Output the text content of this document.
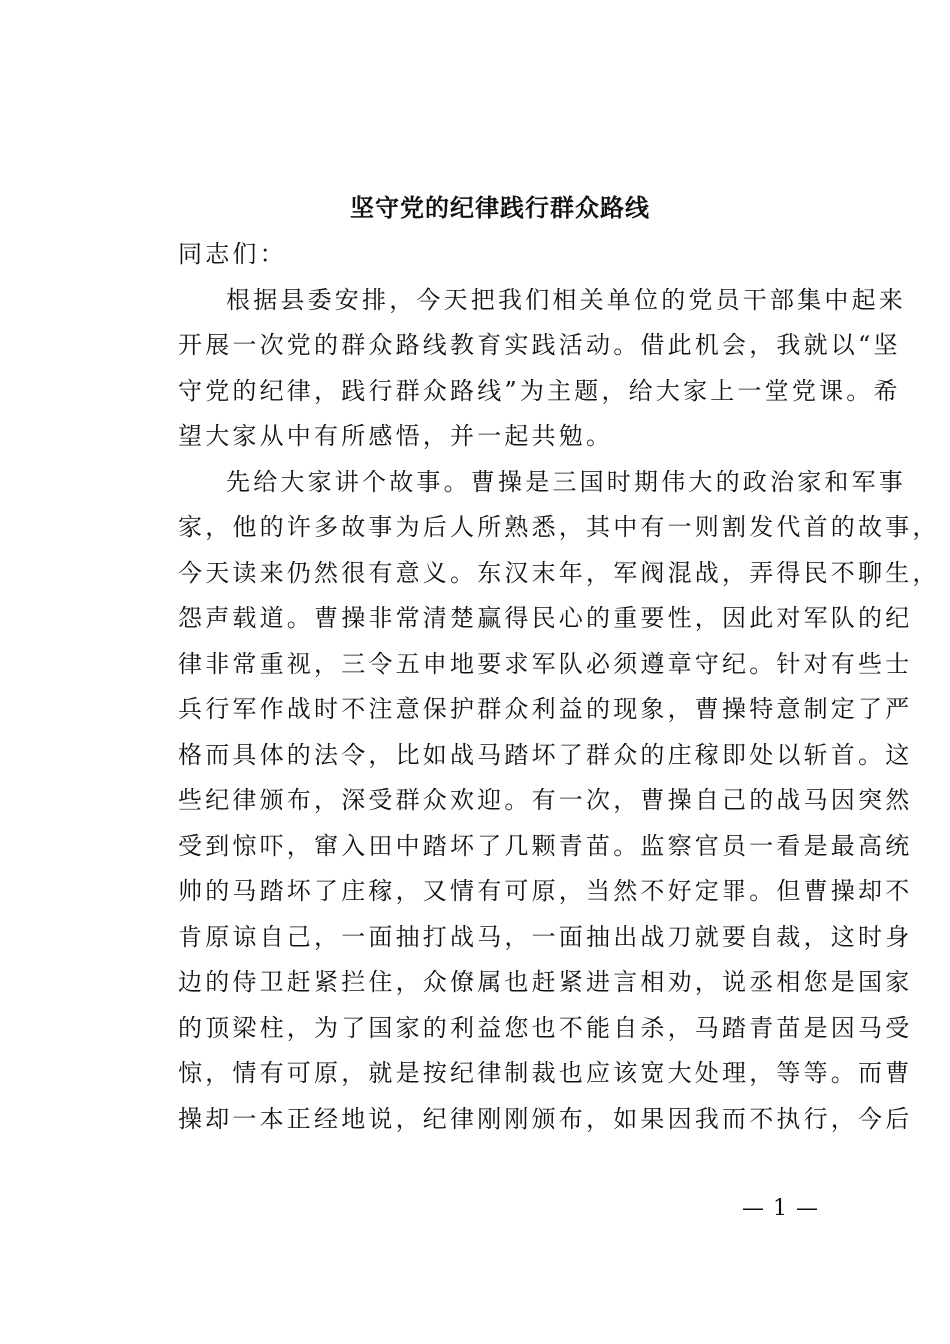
坚守党的纪律践行群众路线

同志们：

根据县委安排，今天把我们相关单位的党员干部集中起来
开展一次党的群众路线教育实践活动。借此机会，我就以“坚
守党的纪律，践行群众路线”为主题，给大家上一堂党课。希
望大家从中有所感悟，并一起共勉。
先给大家讲个故事。曹操是三国时期伟大的政治家和军事
家，他的许多故事为后人所熟悉，其中有一则割发代首的故事，
今天读来仍然很有意义。东汉末年，军阀混战，弄得民不聊生，
怨声载道。曹操非常清楚赢得民心的重要性，因此对军队的纪
律非常重视，三令五申地要求军队必须遵章守纪。针对有些士
兵行军作战时不注意保护群众利益的现象，曹操特意制定了严
格而具体的法令，比如战马踏坏了群众的庄稼即处以斩首。这
些纪律颁布，深受群众欢迎。有一次，曹操自己的战马因突然
受到惊吓，窜入田中踏坏了几颗青苗。监察官员一看是最高统
帅的马踏坏了庄稼，又情有可原，当然不好定罪。但曹操却不
肯原谅自己，一面抽打战马，一面抽出战刀就要自裁，这时身
边的侍卫赶紧拦住，众僚属也赶紧进言相劝，说丞相您是国家
的顶梁柱，为了国家的利益您也不能自杀，马踏青苗是因马受
惊，情有可原，就是按纪律制裁也应该宽大处理，等等。而曹
操却一本正经地说，纪律刚刚颁布，如果因我而不执行，今后
— 1 —
